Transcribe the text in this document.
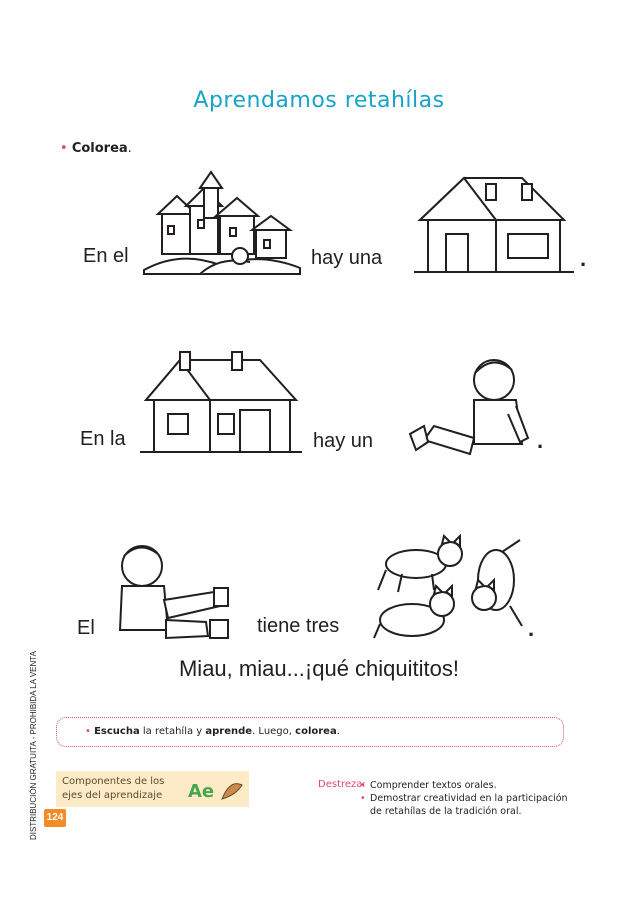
Aprendamos retahílas
• Colorea.
En el	hay una	.
En la	hay un	.
El	tiene tres	.
Miau, miau...¡qué chiquititos!
DISTRIBUCIÓN GRATUITA - PROHIBIDA LA VENTA	• Escucha la retahíla y aprende. Luego, colorea.
Componentes de los ejes del aprendizaje	Ae
124
Destreza:
• Comprender textos orales.
• Demostrar creatividad en la participación de retahílas de la tradición oral.
